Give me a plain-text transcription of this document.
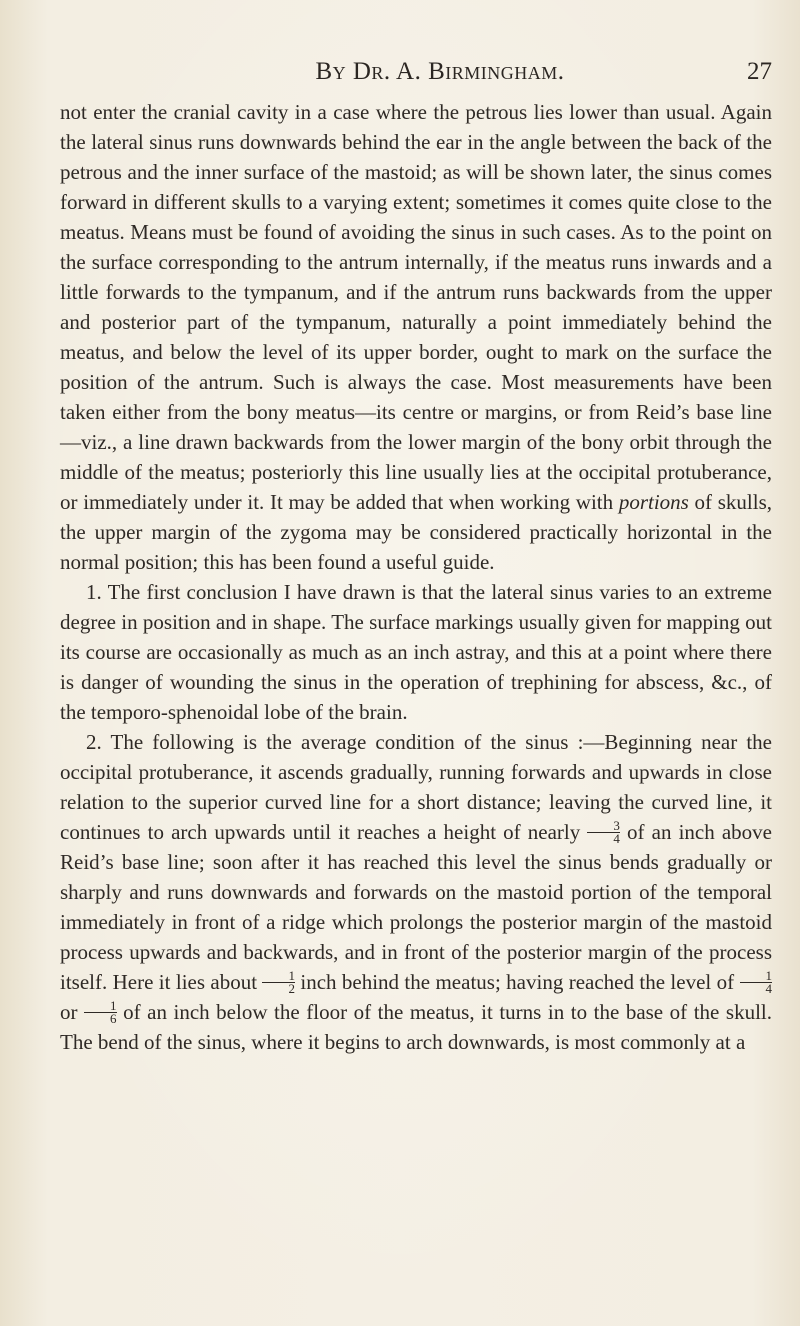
By Dr. A. Birmingham.	27

not enter the cranial cavity in a case where the petrous lies lower than usual. Again the lateral sinus runs downwards behind the ear in the angle between the back of the petrous and the inner surface of the mastoid; as will be shown later, the sinus comes forward in different skulls to a varying extent; sometimes it comes quite close to the meatus. Means must be found of avoiding the sinus in such cases. As to the point on the surface corresponding to the antrum internally, if the meatus runs inwards and a little forwards to the tympanum, and if the antrum runs backwards from the upper and posterior part of the tympanum, naturally a point immediately behind the meatus, and below the level of its upper border, ought to mark on the surface the position of the antrum. Such is always the case. Most measurements have been taken either from the bony meatus—its centre or margins, or from Reid’s base line—viz., a line drawn backwards from the lower margin of the bony orbit through the middle of the meatus; posteriorly this line usually lies at the occipital protuberance, or immediately under it. It may be added that when working with portions of skulls, the upper margin of the zygoma may be considered practically horizontal in the normal position; this has been found a useful guide.

1. The first conclusion I have drawn is that the lateral sinus varies to an extreme degree in position and in shape. The surface markings usually given for mapping out its course are occasionally as much as an inch astray, and this at a point where there is danger of wounding the sinus in the operation of trephining for abscess, &c., of the temporo-sphenoidal lobe of the brain.

2. The following is the average condition of the sinus :—Beginning near the occipital protuberance, it ascends gradually, running forwards and upwards in close relation to the superior curved line for a short distance; leaving the curved line, it continues to arch upwards until it reaches a height of nearly $\frac{3}{4}$ of an inch above Reid’s base line; soon after it has reached this level the sinus bends gradually or sharply and runs downwards and forwards on the mastoid portion of the temporal immediately in front of a ridge which prolongs the posterior margin of the mastoid process upwards and backwards, and in front of the posterior margin of the process itself. Here it lies about $\frac{1}{2}$ inch behind the meatus; having reached the level of $\frac{1}{4}$
or $\frac{1}{6}$ of an inch below the floor of the meatus, it turns in to the base of the skull. The bend of the sinus, where it begins to arch downwards, is most commonly at a
